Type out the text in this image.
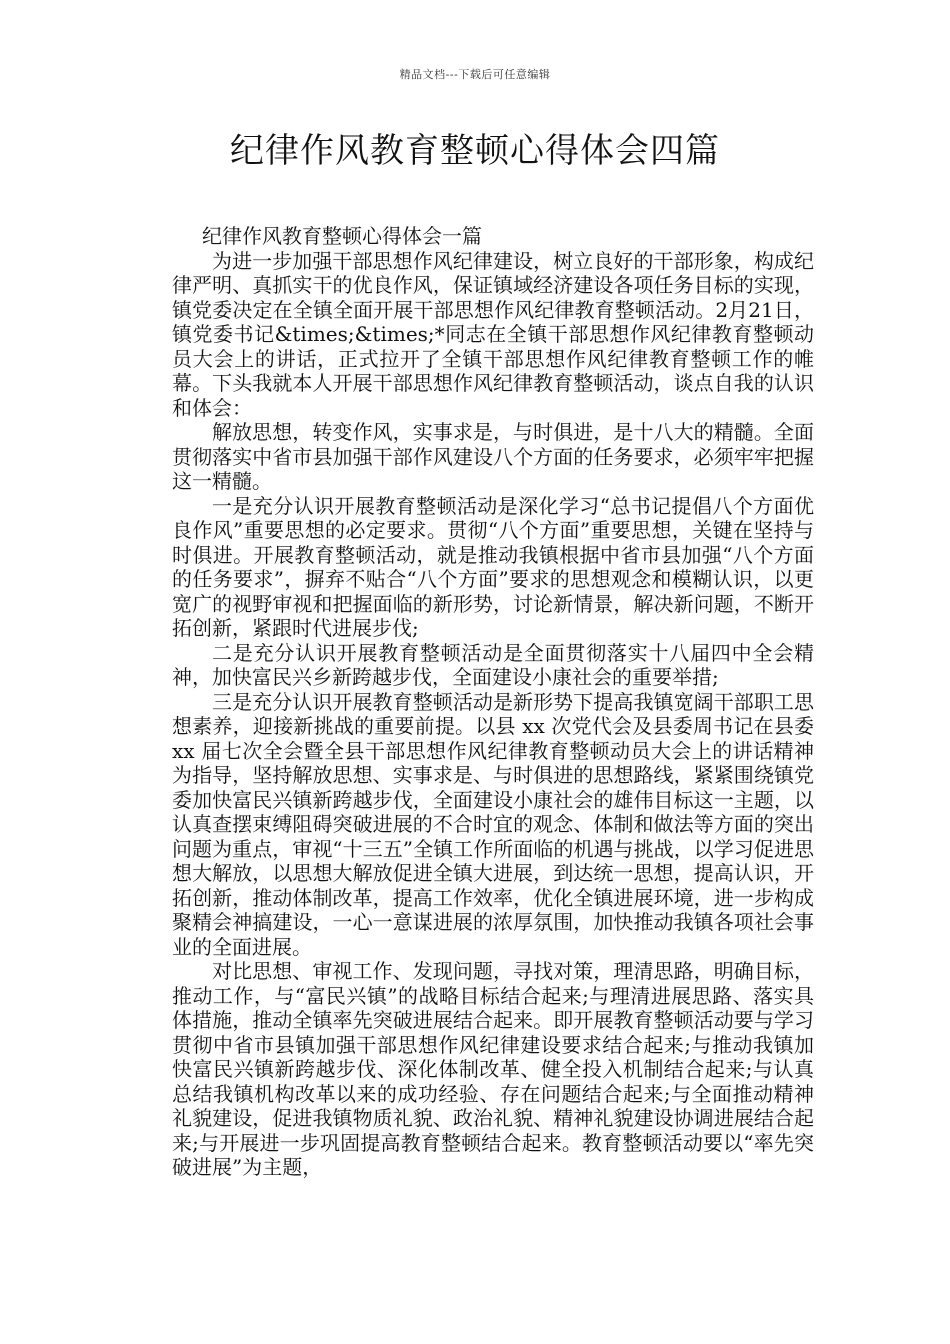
精品文档---下载后可任意编辑
纪律作风教育整顿心得体会四篇

纪律作风教育整顿心得体会一篇

为进一步加强干部思想作风纪律建设，树立良好的干部形象，构成纪律严明、真抓实干的优良作风，保证镇域经济建设各项任务目标的实现，镇党委决定在全镇全面开展干部思想作风纪律教育整顿活动。2月21日，镇党委书记&times;&times;*同志在全镇干部思想作风纪律教育整顿动员大会上的讲话，正式拉开了全镇干部思想作风纪律教育整顿工作的帷幕。下头我就本人开展干部思想作风纪律教育整顿活动，谈点自我的认识和体会：

解放思想，转变作风，实事求是，与时俱进，是十八大的精髓。全面贯彻落实中省市县加强干部作风建设八个方面的任务要求，必须牢牢把握这一精髓。

一是充分认识开展教育整顿活动是深化学习“总书记提倡八个方面优良作风”重要思想的必定要求。贯彻“八个方面”重要思想，关键在坚持与时俱进。开展教育整顿活动，就是推动我镇根据中省市县加强“八个方面的任务要求”，摒弃不贴合“八个方面”要求的思想观念和模糊认识，以更宽广的视野审视和把握面临的新形势，讨论新情景，解决新问题，不断开拓创新，紧跟时代进展步伐;

二是充分认识开展教育整顿活动是全面贯彻落实十八届四中全会精神，加快富民兴乡新跨越步伐，全面建设小康社会的重要举措;

三是充分认识开展教育整顿活动是新形势下提高我镇宽阔干部职工思想素养，迎接新挑战的重要前提。以县 xx 次党代会及县委周书记在县委 xx 届七次全会暨全县干部思想作风纪律教育整顿动员大会上的讲话精神为指导，坚持解放思想、实事求是、与时俱进的思想路线，紧紧围绕镇党委加快富民兴镇新跨越步伐，全面建设小康社会的雄伟目标这一主题，以认真查摆束缚阻碍突破进展的不合时宜的观念、体制和做法等方面的突出问题为重点，审视“十三五”全镇工作所面临的机遇与挑战，以学习促进思想大解放，以思想大解放促进全镇大进展，到达统一思想，提高认识，开拓创新，推动体制改革，提高工作效率，优化全镇进展环境，进一步构成聚精会神搞建设，一心一意谋进展的浓厚氛围，加快推动我镇各项社会事业的全面进展。

对比思想、审视工作、发现问题，寻找对策，理清思路，明确目标，推动工作，与“富民兴镇”的战略目标结合起来;与理清进展思路、落实具体措施，推动全镇率先突破进展结合起来。即开展教育整顿活动要与学习贯彻中省市县镇加强干部思想作风纪律建设要求结合起来;与推动我镇加快富民兴镇新跨越步伐、深化体制改革、健全投入机制结合起来;与认真总结我镇机构改革以来的成功经验、存在问题结合起来;与全面推动精神礼貌建设，促进我镇物质礼貌、政治礼貌、精神礼貌建设协调进展结合起来;与开展进一步巩固提高教育整顿结合起来。教育整顿活动要以“率先突破进展”为主题，
